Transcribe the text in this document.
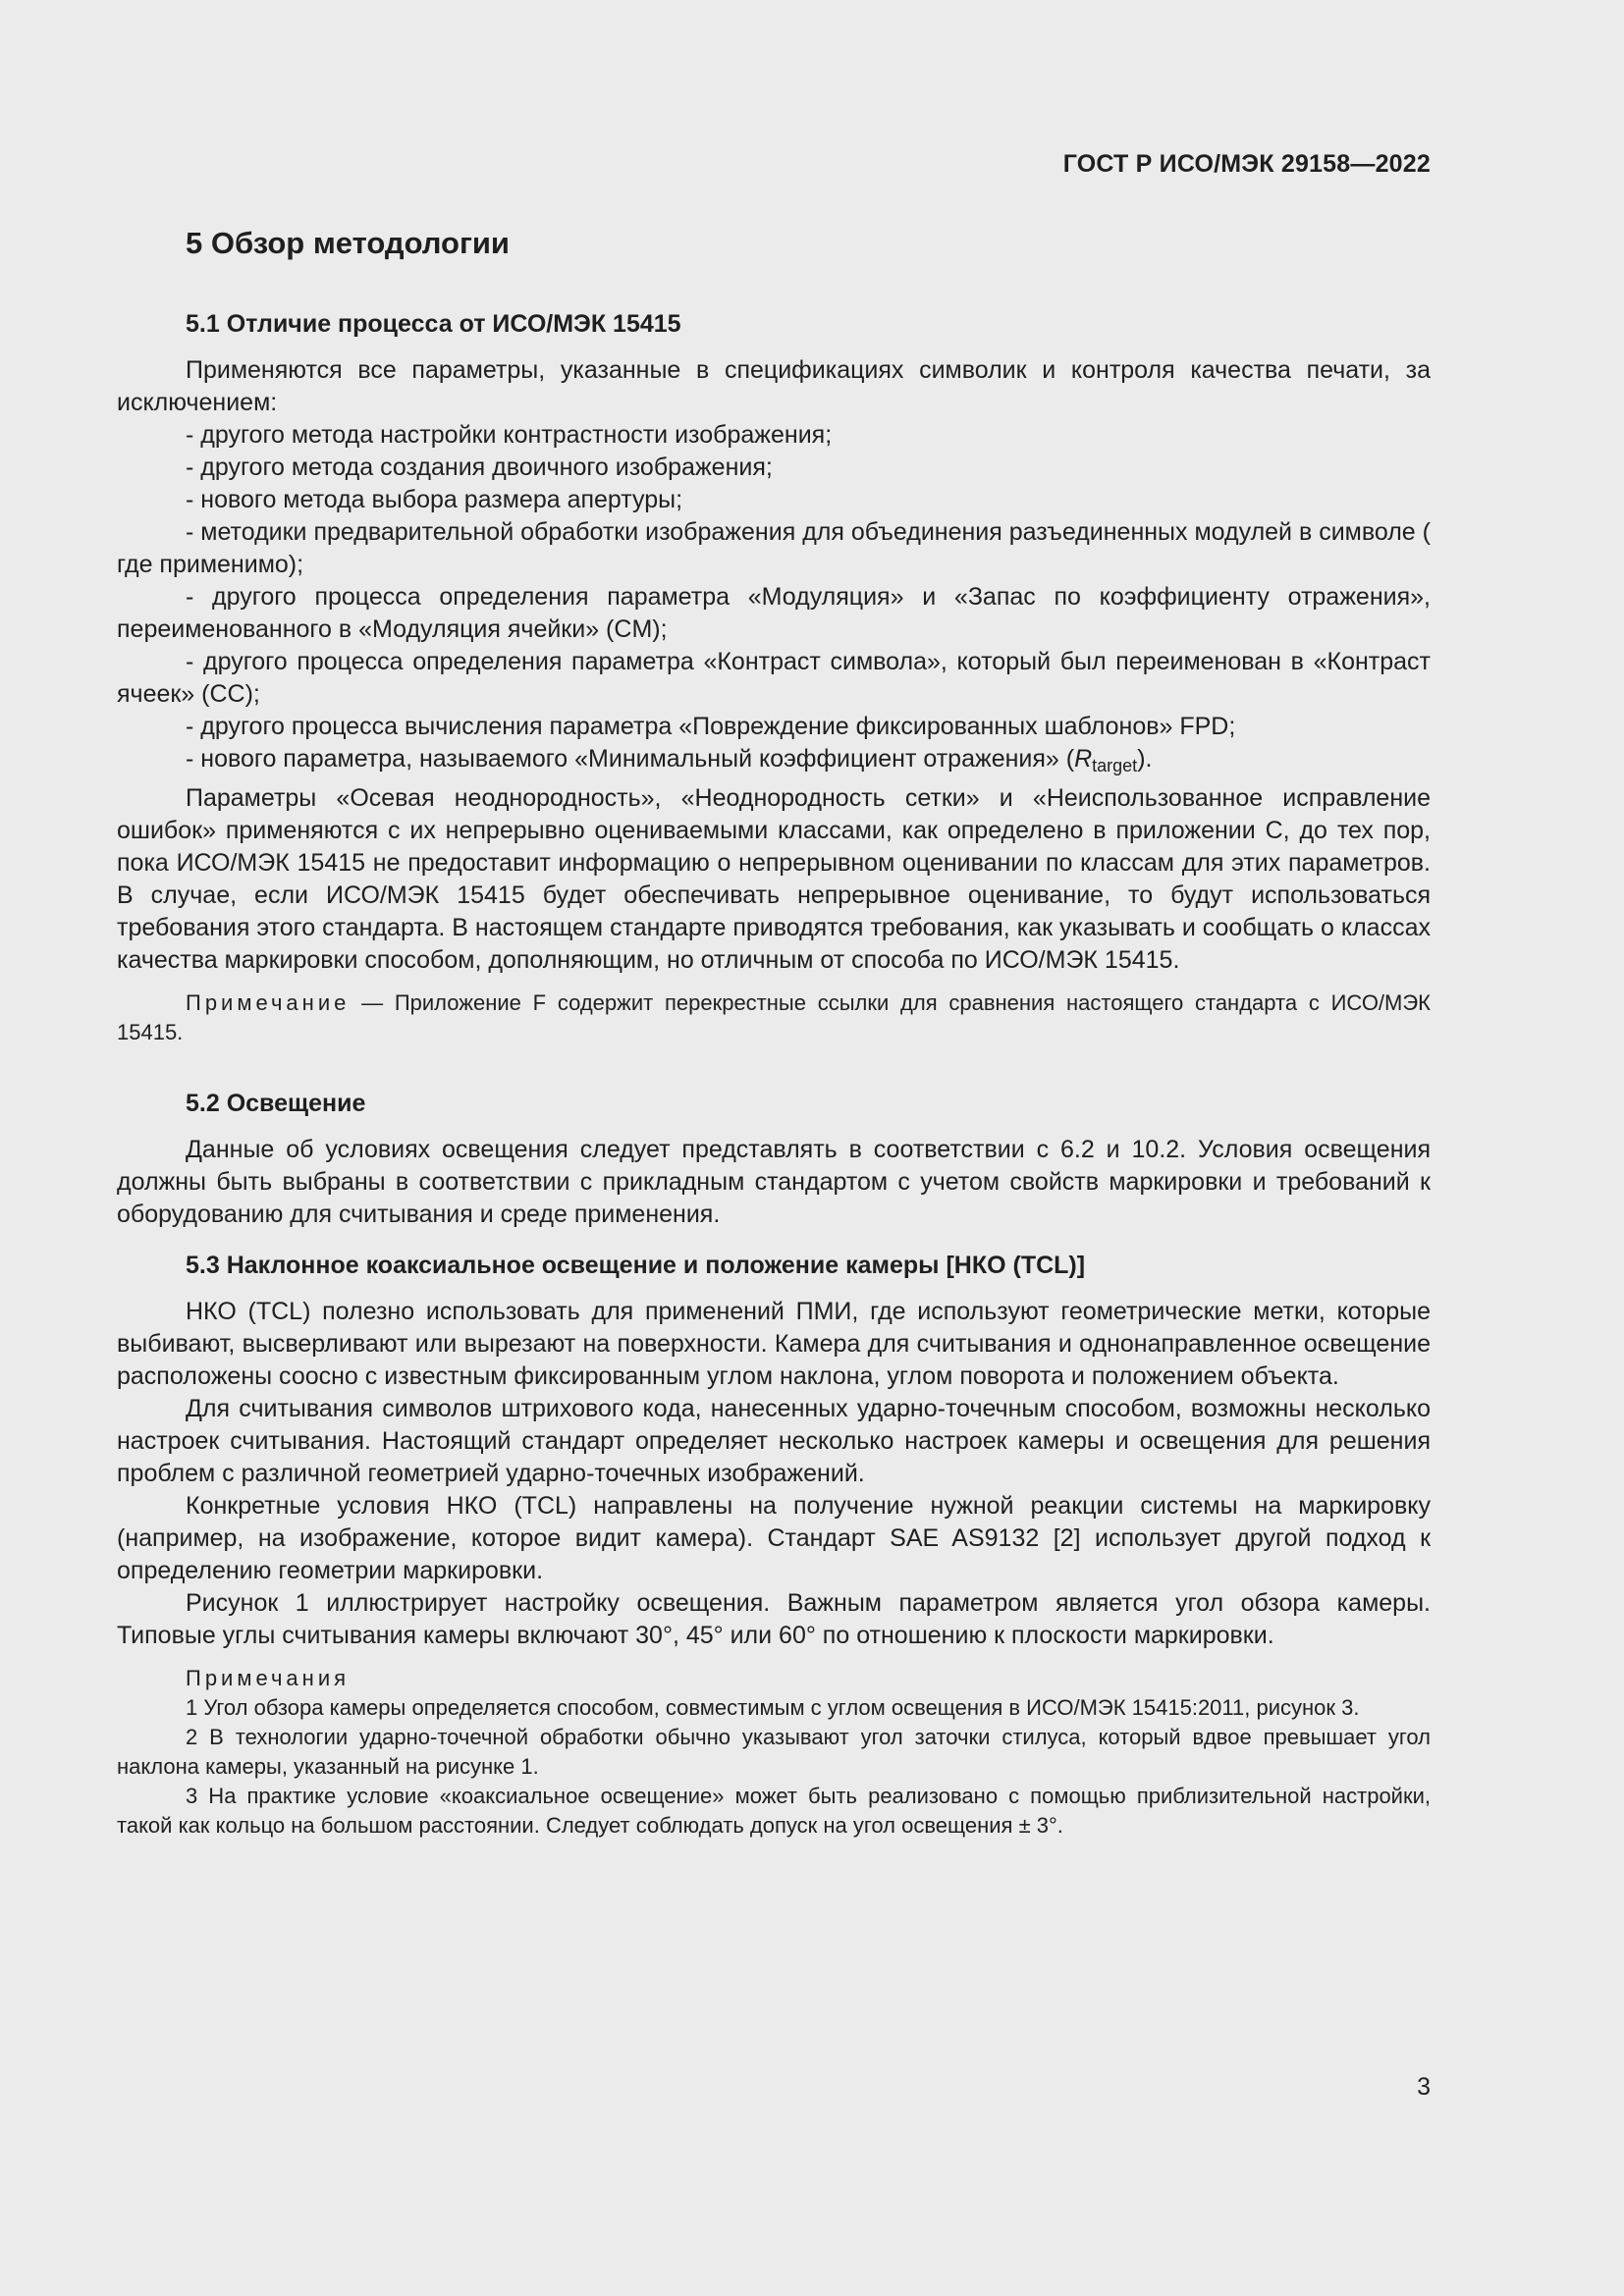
ГОСТ Р ИСО/МЭК 29158—2022
5 Обзор методологии
5.1 Отличие процесса от ИСО/МЭК 15415

Применяются все параметры, указанные в спецификациях символик и контроля качества печати, за исключением:

- другого метода настройки контрастности изображения;

- другого метода создания двоичного изображения;

- нового метода выбора размера апертуры;

- методики предварительной обработки изображения для объединения разъединенных модулей в символе ( где применимо);

- другого процесса определения параметра «Модуляция» и «Запас по коэффициенту отражения», переименованного в «Модуляция ячейки» (CM);

- другого процесса определения параметра «Контраст символа», который был переименован в «Контраст ячеек» (CC);

- другого процесса вычисления параметра «Повреждение фиксированных шаблонов» FPD;

- нового параметра, называемого «Минимальный коэффициент отражения» $(R_{target})$.

Параметры «Осевая неоднородность», «Неоднородность сетки» и «Неиспользованное исправление ошибок» применяются с их непрерывно оцениваемыми классами, как определено в приложении C, до тех пор, пока ИСО/МЭК 15415 не предоставит информацию о непрерывном оценивании по классам для этих параметров. В случае, если ИСО/МЭК 15415 будет обеспечивать непрерывное оценивание, то будут использоваться требования этого стандарта. В настоящем стандарте приводятся требования, как указывать и сообщать о классах качества маркировки способом, дополняющим, но отличным от способа по ИСО/МЭК 15415.

Примечание — Приложение F содержит перекрестные ссылки для сравнения настоящего стандарта с ИСО/МЭК 15415.

5.2 Освещение

Данные об условиях освещения следует представлять в соответствии с 6.2 и 10.2. Условия освещения должны быть выбраны в соответствии с прикладным стандартом с учетом свойств маркировки и требований к оборудованию для считывания и среде применения.

5.3 Наклонное коаксиальное освещение и положение камеры [НКО (TCL)]

НКО (TCL) полезно использовать для применений ПМИ, где используют геометрические метки, которые выбивают, высверливают или вырезают на поверхности. Камера для считывания и однонаправленное освещение расположены соосно с известным фиксированным углом наклона, углом поворота и положением объекта.

Для считывания символов штрихового кода, нанесенных ударно-точечным способом, возможны несколько настроек считывания. Настоящий стандарт определяет несколько настроек камеры и освещения для решения проблем с различной геометрией ударно-точечных изображений.

Конкретные условия НКО (TCL) направлены на получение нужной реакции системы на маркировку (например, на изображение, которое видит камера). Стандарт SAE AS9132 [2] использует другой подход к определению геометрии маркировки.

Рисунок 1 иллюстрирует настройку освещения. Важным параметром является угол обзора камеры. Типовые углы считывания камеры включают 30°, 45° или 60° по отношению к плоскости маркировки.

Примечания

1 Угол обзора камеры определяется способом, совместимым с углом освещения в ИСО/МЭК 15415:2011, рисунок 3.

2 В технологии ударно-точечной обработки обычно указывают угол заточки стилуса, который вдвое превышает угол наклона камеры, указанный на рисунке 1.

3 На практике условие «коаксиальное освещение» может быть реализовано с помощью приблизительной настройки, такой как кольцо на большом расстоянии. Следует соблюдать допуск на угол освещения ± 3°.

3
